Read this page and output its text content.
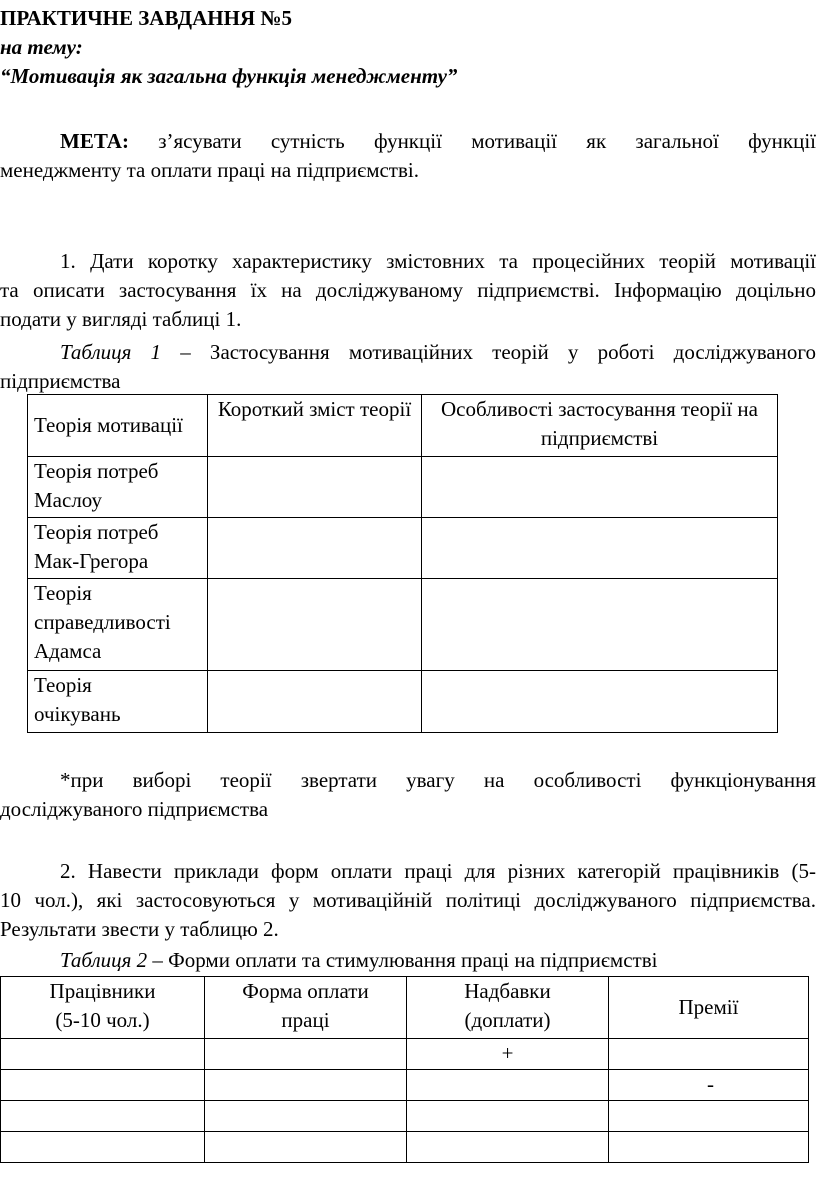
ПРАКТИЧНЕ ЗАВДАННЯ №5
на тему:
“Мотивація як загальна функція менеджменту”
МЕТА: з’ясувати сутність функції мотивації як загальної функції
менеджменту та оплати праці на підприємстві.
1. Дати коротку характеристику змістовних та процесійних теорій мотивації
та описати застосування їх на досліджуваному підприємстві. Інформацію доцільно
подати у вигляді таблиці 1.
Таблиця 1 – Застосування мотиваційних теорій у роботі досліджуваного
підприємства
Теорія мотивації	Короткий зміст теорії	Особливості застосування теорії на підприємстві
Теорія потреб Маслоу		
Теорія потреб Мак-Грегора		
Теорія справедливості Адамса		
Теорія очікувань		
*при виборі теорії звертати увагу на особливості функціонування
досліджуваного підприємства
2. Навести приклади форм оплати праці для різних категорій працівників (5-
10 чол.), які застосовуються у мотиваційній політиці досліджуваного підприємства.
Результати звести у таблицю 2.
Таблиця 2 – Форми оплати та стимулювання праці на підприємстві
Працівники (5-10 чол.)	Форма оплати праці	Надбавки (доплати)	Премії
		+	
			-
